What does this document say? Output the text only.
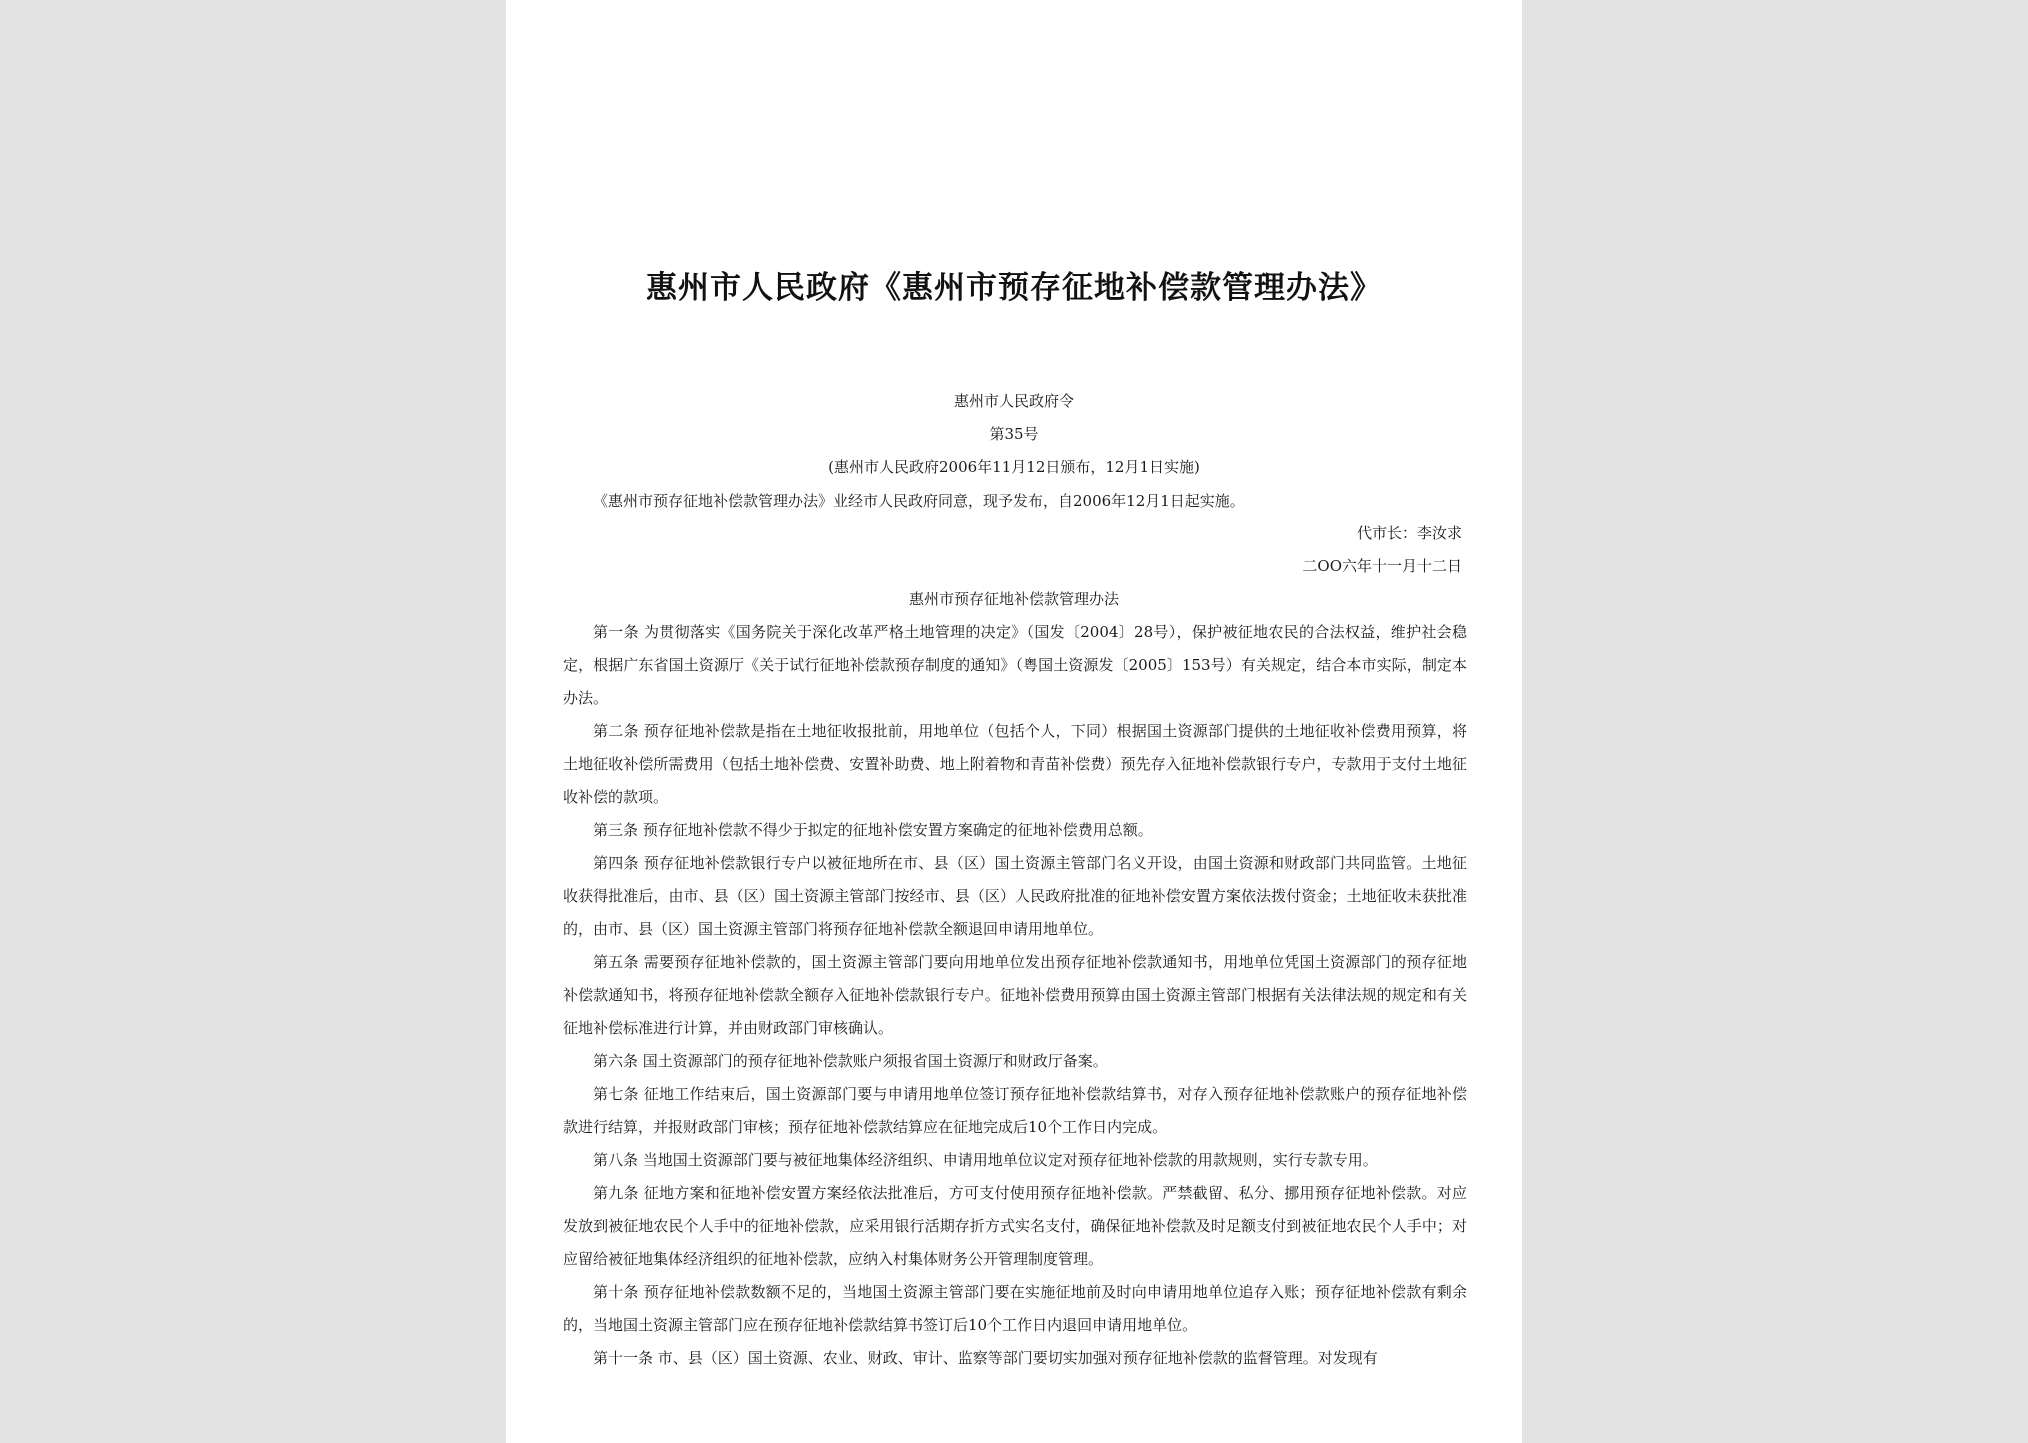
惠州市人民政府《惠州市预存征地补偿款管理办法》
惠州市人民政府令
第35号
(惠州市人民政府2006年11月12日颁布，12月1日实施)
《惠州市预存征地补偿款管理办法》业经市人民政府同意，现予发布，自2006年12月1日起实施。
代市长：李汝求
二OO六年十一月十二日
惠州市预存征地补偿款管理办法

第一条 为贯彻落实《国务院关于深化改革严格土地管理的决定》（国发〔2004〕28号），保护被征地农民的合法权益，维护社会稳定，根据广东省国土资源厅《关于试行征地补偿款预存制度的通知》（粤国土资源发〔2005〕153号）有关规定，结合本市实际，制定本办法。

第二条 预存征地补偿款是指在土地征收报批前，用地单位（包括个人，下同）根据国土资源部门提供的土地征收补偿费用预算，将土地征收补偿所需费用（包括土地补偿费、安置补助费、地上附着物和青苗补偿费）预先存入征地补偿款银行专户，专款用于支付土地征收补偿的款项。

第三条 预存征地补偿款不得少于拟定的征地补偿安置方案确定的征地补偿费用总额。

第四条 预存征地补偿款银行专户以被征地所在市、县（区）国土资源主管部门名义开设，由国土资源和财政部门共同监管。土地征收获得批准后，由市、县（区）国土资源主管部门按经市、县（区）人民政府批准的征地补偿安置方案依法拨付资金；土地征收未获批准的，由市、县（区）国土资源主管部门将预存征地补偿款全额退回申请用地单位。

第五条 需要预存征地补偿款的，国土资源主管部门要向用地单位发出预存征地补偿款通知书，用地单位凭国土资源部门的预存征地补偿款通知书，将预存征地补偿款全额存入征地补偿款银行专户。征地补偿费用预算由国土资源主管部门根据有关法律法规的规定和有关征地补偿标准进行计算，并由财政部门审核确认。

第六条 国土资源部门的预存征地补偿款账户须报省国土资源厅和财政厅备案。

第七条 征地工作结束后，国土资源部门要与申请用地单位签订预存征地补偿款结算书，对存入预存征地补偿款账户的预存征地补偿款进行结算，并报财政部门审核；预存征地补偿款结算应在征地完成后10个工作日内完成。

第八条 当地国土资源部门要与被征地集体经济组织、申请用地单位议定对预存征地补偿款的用款规则，实行专款专用。

第九条 征地方案和征地补偿安置方案经依法批准后，方可支付使用预存征地补偿款。严禁截留、私分、挪用预存征地补偿款。对应发放到被征地农民个人手中的征地补偿款，应采用银行活期存折方式实名支付，确保征地补偿款及时足额支付到被征地农民个人手中；对应留给被征地集体经济组织的征地补偿款，应纳入村集体财务公开管理制度管理。

第十条 预存征地补偿款数额不足的，当地国土资源主管部门要在实施征地前及时向申请用地单位追存入账；预存征地补偿款有剩余的，当地国土资源主管部门应在预存征地补偿款结算书签订后10个工作日内退回申请用地单位。

第十一条 市、县（区）国土资源、农业、财政、审计、监察等部门要切实加强对预存征地补偿款的监督管理。对发现有
